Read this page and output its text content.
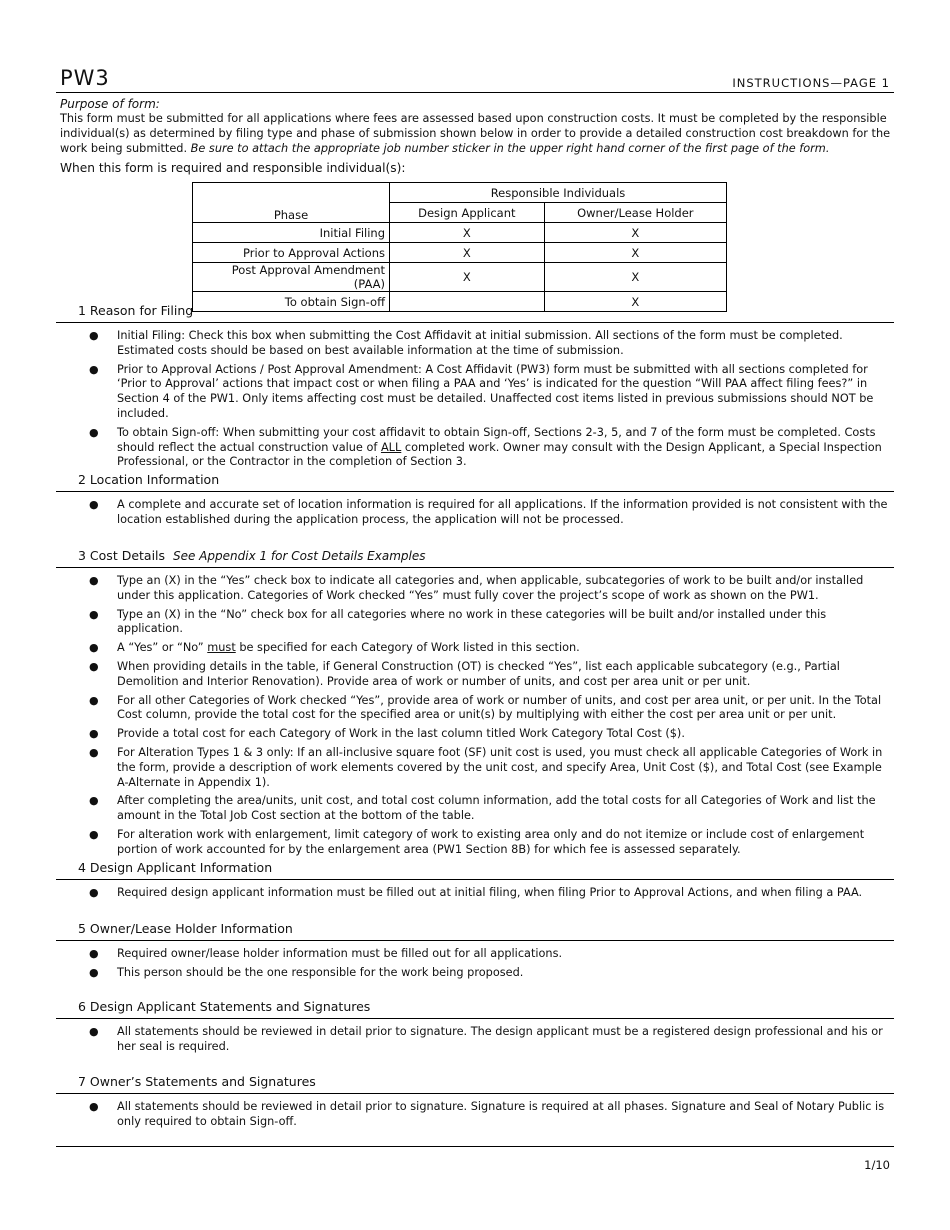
PW3	INSTRUCTIONS—PAGE 1
Purpose of form:
This form must be submitted for all applications where fees are assessed based upon construction costs. It must be completed by the responsible individual(s) as determined by filing type and phase of submission shown below in order to provide a detailed construction cost breakdown for the work being submitted. Be sure to attach the appropriate job number sticker in the upper right hand corner of the first page of the form.
When this form is required and responsible individual(s):
Phase	Responsible Individuals	
	Design Applicant	Owner/Lease Holder
Initial Filing	X	X
Prior to Approval Actions	X	X
Post Approval Amendment (PAA)	X	X
To obtain Sign-off		X
1 Reason for Filing
● Initial Filing: Check this box when submitting the Cost Affidavit at initial submission. All sections of the form must be completed. Estimated costs should be based on best available information at the time of submission.
● Prior to Approval Actions / Post Approval Amendment: A Cost Affidavit (PW3) form must be submitted with all sections completed for ‘Prior to Approval’ actions that impact cost or when filing a PAA and ‘Yes’ is indicated for the question “Will PAA affect filing fees?” in Section 4 of the PW1. Only items affecting cost must be detailed. Unaffected cost items listed in previous submissions should NOT be included.
● To obtain Sign-off: When submitting your cost affidavit to obtain Sign-off, Sections 2-3, 5, and 7 of the form must be completed. Costs should reflect the actual construction value of ALL completed work. Owner may consult with the Design Applicant, a Special Inspection Professional, or the Contractor in the completion of Section 3.
2 Location Information
● A complete and accurate set of location information is required for all applications. If the information provided is not consistent with the location established during the application process, the application will not be processed.
3 Cost Details See Appendix 1 for Cost Details Examples
● Type an (X) in the “Yes” check box to indicate all categories and, when applicable, subcategories of work to be built and/or installed under this application. Categories of Work checked “Yes” must fully cover the project’s scope of work as shown on the PW1.
● Type an (X) in the “No” check box for all categories where no work in these categories will be built and/or installed under this application.
● A “Yes” or “No” must be specified for each Category of Work listed in this section.
● When providing details in the table, if General Construction (OT) is checked “Yes”, list each applicable subcategory (e.g., Partial Demolition and Interior Renovation). Provide area of work or number of units, and cost per area unit or per unit.
● For all other Categories of Work checked “Yes”, provide area of work or number of units, and cost per area unit, or per unit. In the Total Cost column, provide the total cost for the specified area or unit(s) by multiplying with either the cost per area unit or per unit.
● Provide a total cost for each Category of Work in the last column titled Work Category Total Cost ($).
● For Alteration Types 1 & 3 only: If an all-inclusive square foot (SF) unit cost is used, you must check all applicable Categories of Work in the form, provide a description of work elements covered by the unit cost, and specify Area, Unit Cost ($), and Total Cost (see Example A-Alternate in Appendix 1).
● After completing the area/units, unit cost, and total cost column information, add the total costs for all Categories of Work and list the amount in the Total Job Cost section at the bottom of the table.
● For alteration work with enlargement, limit category of work to existing area only and do not itemize or include cost of enlargement portion of work accounted for by the enlargement area (PW1 Section 8B) for which fee is assessed separately.
4 Design Applicant Information
● Required design applicant information must be filled out at initial filing, when filing Prior to Approval Actions, and when filing a PAA.
5 Owner/Lease Holder Information
● Required owner/lease holder information must be filled out for all applications.
● This person should be the one responsible for the work being proposed.
6 Design Applicant Statements and Signatures
● All statements should be reviewed in detail prior to signature. The design applicant must be a registered design professional and his or her seal is required.
7 Owner’s Statements and Signatures
● All statements should be reviewed in detail prior to signature. Signature is required at all phases. Signature and Seal of Notary Public is only required to obtain Sign-off.
1/10
